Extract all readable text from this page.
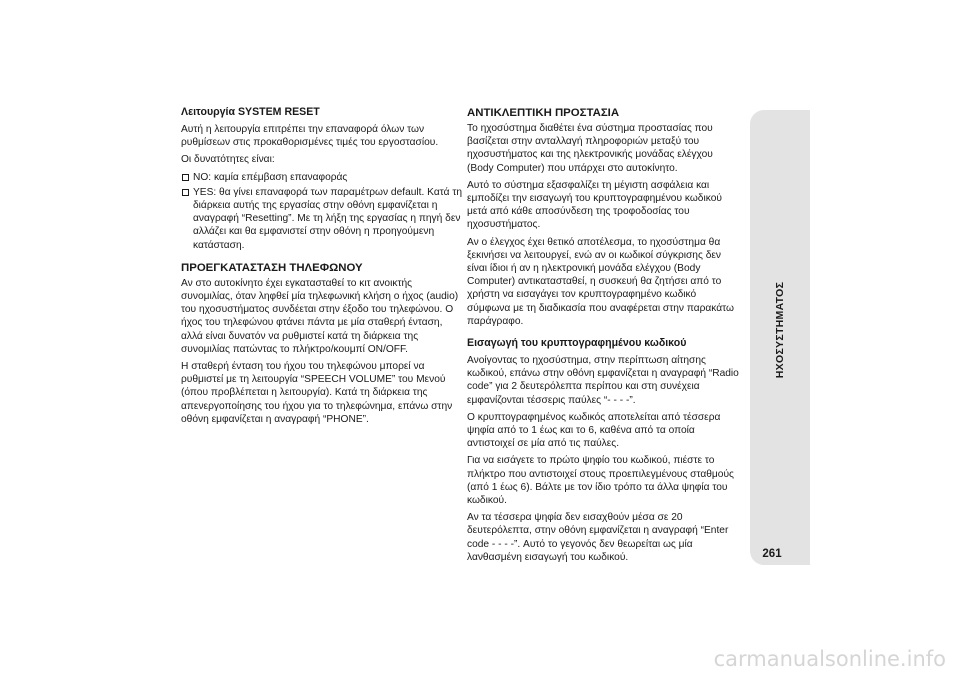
Λειτουργία SYSTEM RESET

Αυτή η λειτουργία επιτρέπει την επαναφορά όλων των ρυθμίσεων στις προκαθορισμένες τιμές του εργοστασίου.

Οι δυνατότητες είναι:

NO: καμία επέμβαση επαναφοράς
YES: θα γίνει επαναφορά των παραμέτρων default. Κατά τη διάρκεια αυτής της εργασίας στην οθόνη εμφανίζεται η αναγραφή “Resetting”. Με τη λήξη της εργασίας η πηγή δεν αλλάζει και θα εμφανιστεί στην οθόνη η προηγούμενη κατάσταση.
ΠΡΟΕΓΚΑΤΑΣΤΑΣΗ ΤΗΛΕΦΩΝΟΥ

Αν στο αυτοκίνητο έχει εγκατασταθεί το κιτ ανοικτής συνομιλίας, όταν ληφθεί μία τηλεφωνική κλήση ο ήχος (audio) του ηχοσυστήματος συνδέεται στην έξοδο του τηλεφώνου. Ο ήχος του τηλεφώνου φτάνει πάντα με μία σταθερή ένταση, αλλά είναι δυνατόν να ρυθμιστεί κατά τη διάρκεια της συνομιλίας πατώντας το πλήκτρο/κουμπί ON/OFF.

Η σταθερή ένταση του ήχου του τηλεφώνου μπορεί να ρυθμιστεί με τη λειτουργία “SPEECH VOLUME” του Μενού (όπου προβλέπεται η λειτουργία). Κατά τη διάρκεια της απενεργοποίησης του ήχου για το τηλεφώνημα, επάνω στην οθόνη εμφανίζεται η αναγραφή “PHONE”.

ΑΝΤΙΚΛΕΠΤΙΚΗ ΠΡΟΣΤΑΣΙΑ

Το ηχοσύστημα διαθέτει ένα σύστημα προστασίας που βασίζεται στην ανταλλαγή πληροφοριών μεταξύ του ηχοσυστήματος και της ηλεκτρονικής μονάδας ελέγχου (Body Computer) που υπάρχει στο αυτοκίνητο.

Αυτό το σύστημα εξασφαλίζει τη μέγιστη ασφάλεια και εμποδίζει την εισαγωγή του κρυπτογραφημένου κωδικού μετά από κάθε αποσύνδεση της τροφοδοσίας του ηχοσυστήματος.

Αν ο έλεγχος έχει θετικό αποτέλεσμα, το ηχοσύστημα θα ξεκινήσει να λειτουργεί, ενώ αν οι κωδικοί σύγκρισης δεν είναι ίδιοι ή αν η ηλεκτρονική μονάδα ελέγχου (Body Computer) αντικατασταθεί, η συσκευή θα ζητήσει από το χρήστη να εισαγάγει τον κρυπτογραφημένο κωδικό σύμφωνα με τη διαδικασία που αναφέρεται στην παρακάτω παράγραφο.

Εισαγωγή του κρυπτογραφημένου κωδικού

Ανοίγοντας το ηχοσύστημα, στην περίπτωση αίτησης κωδικού, επάνω στην οθόνη εμφανίζεται η αναγραφή “Radio code” για 2 δευτερόλεπτα περίπου και στη συνέχεια εμφανίζονται τέσσερις παύλες “- - - -”.

Ο κρυπτογραφημένος κωδικός αποτελείται από τέσσερα ψηφία από το 1 έως και το 6, καθένα από τα οποία αντιστοιχεί σε μία από τις παύλες.

Για να εισάγετε το πρώτο ψηφίο του κωδικού, πιέστε το πλήκτρο που αντιστοιχεί στους προεπιλεγμένους σταθμούς (από 1 έως 6). Βάλτε με τον ίδιο τρόπο τα άλλα ψηφία του κωδικού.

Αν τα τέσσερα ψηφία δεν εισαχθούν μέσα σε 20 δευτερόλεπτα, στην οθόνη εμφανίζεται η αναγραφή “Enter code - - - -”. Αυτό το γεγονός δεν θεωρείται ως μία λανθασμένη εισαγωγή του κωδικού.

ΗΧΟΣΥΣΤΗΜΑΤΟΣ
261
carmanualsonline.info
